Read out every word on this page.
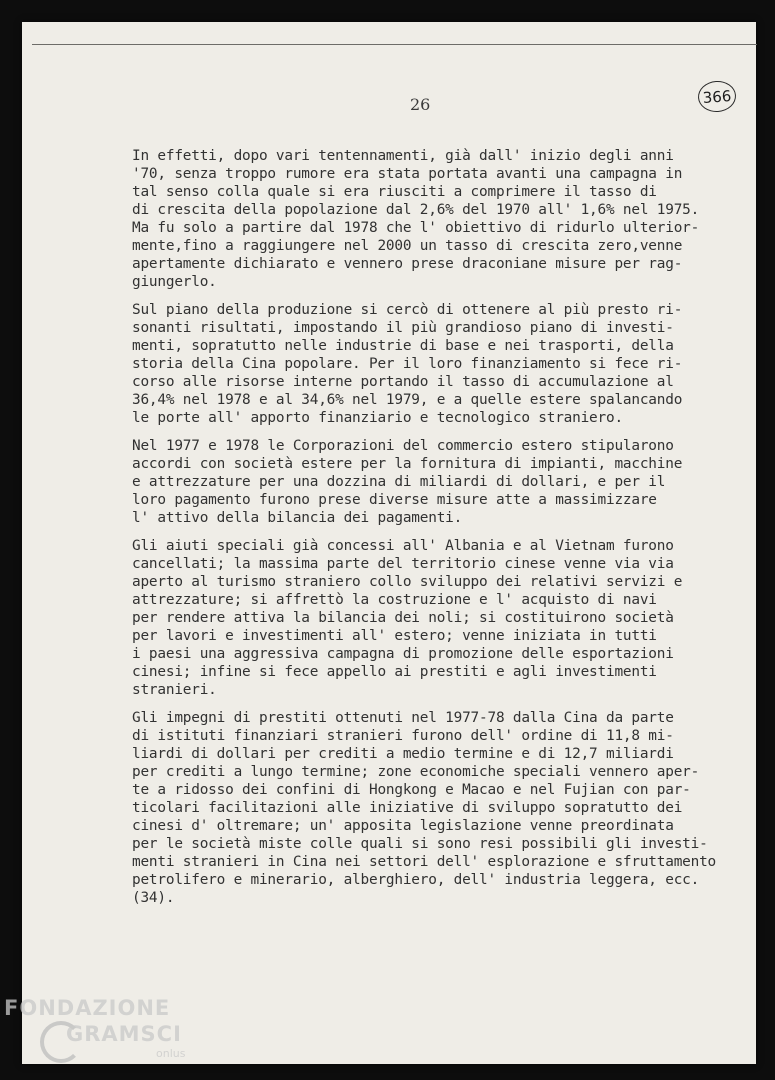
26	366
In effetti, dopo vari tentennamenti, già dall' inizio degli anni
'70, senza troppo rumore era stata portata avanti una campagna in
tal senso colla quale si era riusciti a comprimere il tasso di
di crescita della popolazione dal 2,6% del 1970 all' 1,6% nel 1975.
Ma fu solo a partire dal 1978 che l' obiettivo di ridurlo ulterior-
mente,fino a raggiungere nel 2000 un tasso di crescita zero,venne
apertamente dichiarato e vennero prese draconiane misure per rag-
giungerlo.
Sul piano della produzione si cercò di ottenere al più presto ri-
sonanti risultati, impostando il più grandioso piano di investi-
menti, sopratutto nelle industrie di base e nei trasporti, della
storia della Cina popolare. Per il loro finanziamento si fece ri-
corso alle risorse interne portando il tasso di accumulazione al
36,4% nel 1978 e al 34,6% nel 1979, e a quelle estere spalancando
le porte all' apporto finanziario e tecnologico straniero.
Nel 1977 e 1978 le Corporazioni del commercio estero stipularono
accordi con società estere per la fornitura di impianti, macchine
e attrezzature per una dozzina di miliardi di dollari, e per il
loro pagamento furono prese diverse misure atte a massimizzare
l' attivo della bilancia dei pagamenti.
Gli aiuti speciali già concessi all' Albania e al Vietnam furono
cancellati; la massima parte del territorio cinese venne via via
aperto al turismo straniero collo sviluppo dei relativi servizi e
attrezzature; si affrettò la costruzione e l' acquisto di navi
per rendere attiva la bilancia dei noli; si costituirono società
per lavori e investimenti all' estero; venne iniziata in tutti
i paesi una aggressiva campagna di promozione delle esportazioni
cinesi; infine si fece appello ai prestiti e agli investimenti
stranieri.
Gli impegni di prestiti ottenuti nel 1977-78 dalla Cina da parte
di istituti finanziari stranieri furono dell' ordine di 11,8 mi-
liardi di dollari per crediti a medio termine e di 12,7 miliardi
per crediti a lungo termine; zone economiche speciali vennero aper-
te a ridosso dei confini di Hongkong e Macao e nel Fujian con par-
ticolari facilitazioni alle iniziative di sviluppo sopratutto dei
cinesi d' oltremare; un' apposita legislazione venne preordinata
per le società miste colle quali si sono resi possibili gli investi-
menti stranieri in Cina nei settori dell' esplorazione e sfruttamento
petrolifero e minerario, alberghiero, dell' industria leggera, ecc.
(34).
FONDAZIONE
GRAMSCI
onlus
